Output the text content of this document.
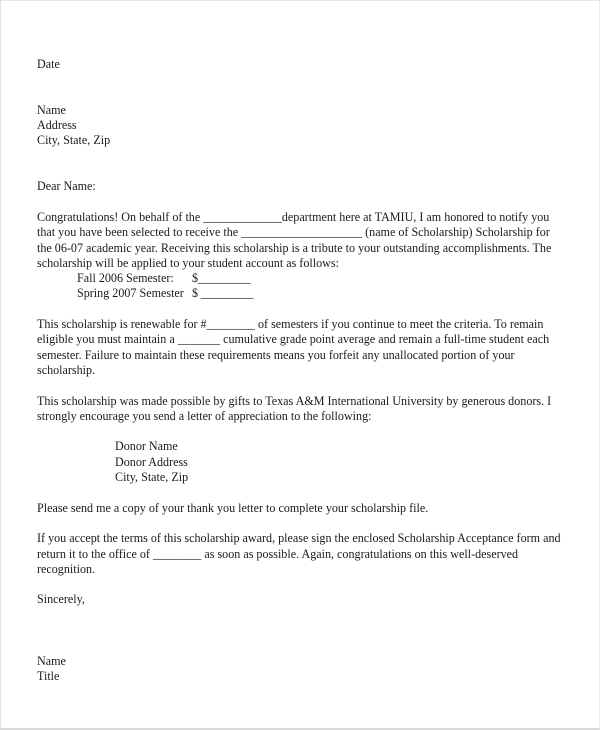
Date
Name
Address
City, State, Zip
Dear Name:
Congratulations! On behalf of the _____________department here at TAMIU, I am honored to notify you that you have been selected to receive the ____________________ (name of Scholarship) Scholarship for the 06-07 academic year. Receiving this scholarship is a tribute to your outstanding accomplishments. The scholarship will be applied to your student account as follows:
Fall 2006 Semester: $_________
Spring 2007 Semester $ _________
This scholarship is renewable for #________ of semesters if you continue to meet the criteria. To remain eligible you must maintain a _______ cumulative grade point average and remain a full-time student each semester. Failure to maintain these requirements means you forfeit any unallocated portion of your scholarship.
This scholarship was made possible by gifts to Texas A&M International University by generous donors. I strongly encourage you send a letter of appreciation to the following:
Donor Name
Donor Address
City, State, Zip
Please send me a copy of your thank you letter to complete your scholarship file.
If you accept the terms of this scholarship award, please sign the enclosed Scholarship Acceptance form and return it to the office of ________ as soon as possible. Again, congratulations on this well-deserved recognition.
Sincerely,
Name
Title
